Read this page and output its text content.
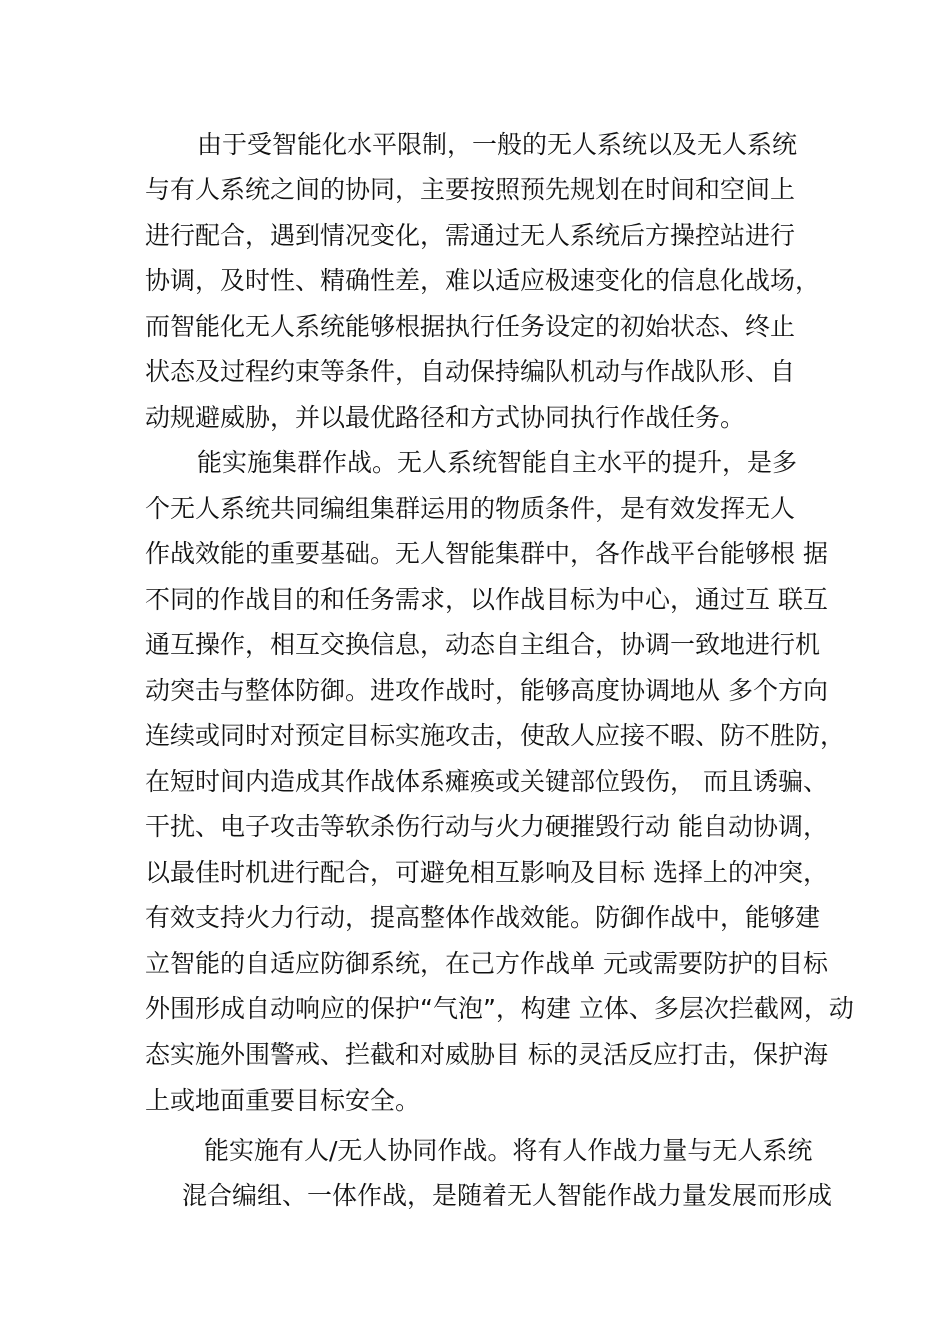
由于受智能化水平限制，一般的无人系统以及无人系统
与有人系统之间的协同，主要按照预先规划在时间和空间上
进行配合，遇到情况变化，需通过无人系统后方操控站进行
协调，及时性、精确性差，难以适应极速变化的信息化战场，
而智能化无人系统能够根据执行任务设定的初始状态、终止
状态及过程约束等条件，自动保持编队机动与作战队形、自
动规避威胁，并以最优路径和方式协同执行作战任务。
能实施集群作战。无人系统智能自主水平的提升，是多
个无人系统共同编组集群运用的物质条件，是有效发挥无人
作战效能的重要基础。无人智能集群中，各作战平台能够根 据
不同的作战目的和任务需求，以作战目标为中心，通过互 联互
通互操作，相互交换信息，动态自主组合，协调一致地进行机
动突击与整体防御。进攻作战时，能够高度协调地从 多个方向
连续或同时对预定目标实施攻击，使敌人应接不暇、防不胜防，
在短时间内造成其作战体系瘫痪或关键部位毁伤， 而且诱骗、
干扰、电子攻击等软杀伤行动与火力硬摧毁行动 能自动协调，
以最佳时机进行配合，可避免相互影响及目标 选择上的冲突，
有效支持火力行动，提高整体作战效能。防御作战中，能够建
立智能的自适应防御系统，在己方作战单 元或需要防护的目标
外围形成自动响应的保护“气泡”，构建 立体、多层次拦截网，动
态实施外围警戒、拦截和对威胁目 标的灵活反应打击，保护海
上或地面重要目标安全。
能实施有人/无人协同作战。将有人作战力量与无人系统
混合编组、一体作战，是随着无人智能作战力量发展而形成
